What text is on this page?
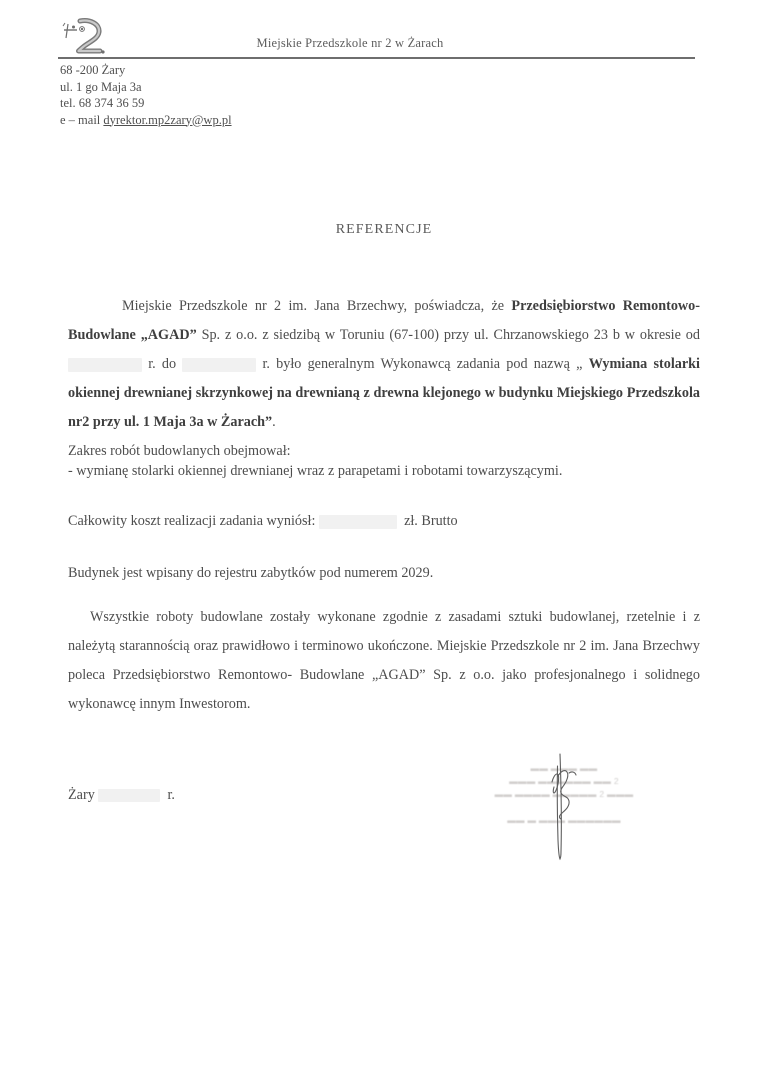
Miejskie Przedszkole nr 2 w Żarach
68 -200 Żary
ul. 1 go Maja 3a
tel. 68 374 36 59
e – mail dyrektor.mp2zary@wp.pl
REFERENCJE
Miejskie Przedszkole nr 2 im. Jana Brzechwy, poświadcza, że Przedsiębiorstwo Remontowo-Budowlane „AGAD” Sp. z o.o. z siedzibą w Toruniu (67-100) przy ul. Chrzanowskiego 23 b w okresie od  r. do	r. było generalnym Wykonawcą zadania pod nazwą „ Wymiana stolarki okiennej drewnianej skrzynkowej na drewnianą z drewna klejonego w budynku Miejskiego Przedszkola nr2 przy ul. 1 Maja 3a w Żarach”.
Zakres robót budowlanych obejmował:
- wymianę stolarki okiennej drewnianej wraz z parapetami i robotami towarzyszącymi.
Całkowity koszt realizacji zadania wyniósł:	zł. Brutto
Budynek jest wpisany do rejestru zabytków pod numerem 2029.
Wszystkie roboty budowlane zostały wykonane zgodnie z zasadami sztuki budowlanej, rzetelnie i z należytą starannością oraz prawidłowo i terminowo ukończone. Miejskie Przedszkole nr 2 im. Jana Brzechwy poleca Przedsiębiorstwo Remontowo- Budowlane „AGAD” Sp. z o.o. jako profesjonalnego i solidnego wykonawcę innym Inwestorom.
Żary	r.
▬▬ ▬▬▬ ▬▬
▬▬▬ ▬▬▬▬▬▬ ▬▬ 2
▬▬ ▬▬▬▬ ▬▬▬▬▬ 2 ▬▬▬

▬▬ ▬ ▬▬▬ ▬▬▬▬▬▬
